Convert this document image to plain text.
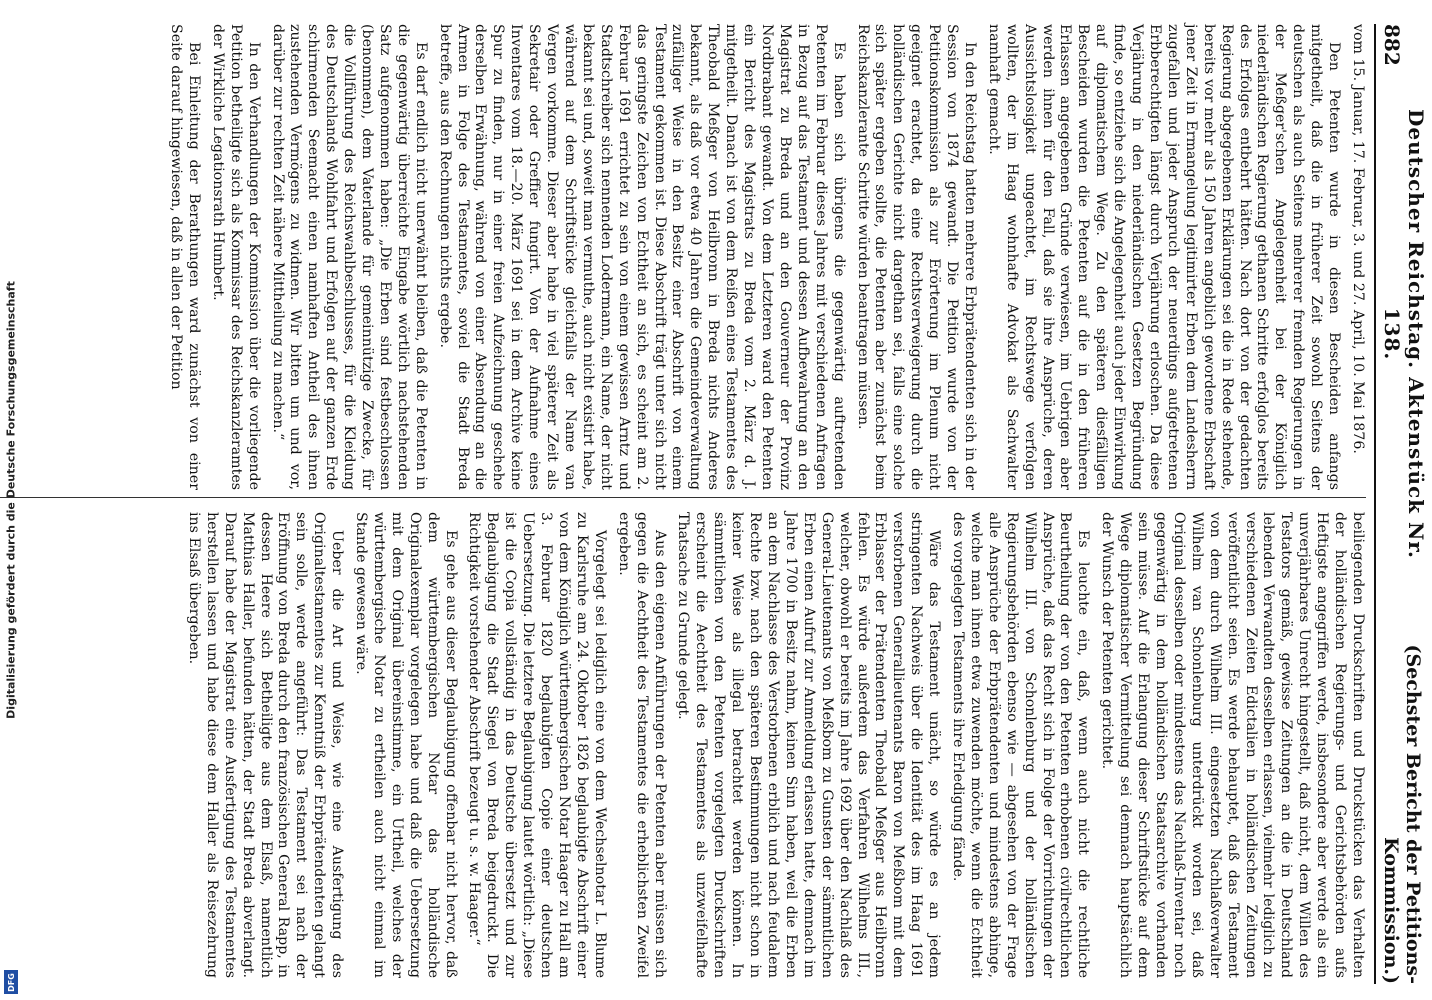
882
Deutscher Reichstag. Aktenstück Nr. 138.
(Sechster Bericht der Petitions-Kommission.)

vom 15. Januar, 17. Februar, 3. und 27. April, 10. Mai 1876.

Den Petenten wurde in diesen Bescheiden anfangs mitgetheilt, daß die in früherer Zeit sowohl Seitens der deutschen als auch Seitens mehrerer fremden Regierungen in der Meßger'schen Angelegenheit bei der Königlich niederländischen Regierung gethanen Schritte erfolglos bereits des Erfolges entbehrt hätten. Nach dort von der gedachten Regierung abgegebenen Erklärungen sei die in Rede stehende, bereits vor mehr als 150 Jahren angeblich gewordene Erbschaft jener Zeit in Ermangelung legitimirter Erben dem Landesherrn zugefallen und jeder Anspruch der neuerdings aufgetretenen Erbberechtigten längst durch Verjährung erloschen. Da diese Verjährung in den niederländischen Gesetzen Begründung finde, so entziehe sich die Angelegenheit auch jeder Einwirkung auf diplomatischem Wege. Zu den späteren diesfälligen Bescheiden wurden die Petenten auf die in den früheren Erlassen angegebenen Gründe verwiesen, im Uebrigen aber werden ihnen für den Fall, daß sie ihre Ansprüche, deren Aussichtslosigkeit ungeachtet, im Rechtswege verfolgen wollten, der im Haag wohnhafte Advokat als Sachwalter namhaft gemacht.

In den Reichstag hatten mehrere Erbprätendenten sich in der Session von 1874 gewandt. Die Petition wurde von der Petitionskommission als zur Erörterung im Plenum nicht geeignet erachtet, da eine Rechtsverweigerung durch die holländischen Gerichte nicht dargethan sei, falls eine solche sich später ergeben sollte, die Petenten aber zunächst beim Reichskanzlerante Schritte würden beantragen müssen.

Es haben sich übrigens die gegenwärtig auftretenden Petenten im Februar dieses Jahres mit verschiedenen Anfragen in Bezug auf das Testament und dessen Aufbewahrung an den Magistrat zu Breda und an den Gouverneur der Provinz Nordbrabant gewandt. Von dem Letzteren ward den Petenten ein Bericht des Magistrats zu Breda vom 2. März d. J. mitgetheilt. Danach ist von dem Reißen eines Testamentes des Theobald Meßger von Heilbronn in Breda nichts Anderes bekannt, als daß vor etwa 40 Jahren die Gemeindeverwaltung zufälliger Weise in den Besitz einer Abschrift von einem Testament gekommen ist. Diese Abschrift trägt unter sich nicht das geringste Zeichen von Echtheit an sich, es scheint am 2. Februar 1691 errichtet zu sein von einem gewissen Arntz und Stadtschreiber sich nennenden Lodermann, ein Name, der nicht bekannt sei und, soweit man vermuthe, auch nicht existirt habe, während auf dem Schriftstücke gleichfalls der Name van Vergen vorkomme. Dieser aber habe in viel späterer Zeit als Sekretair oder Greffier fungirt. Von der Aufnahme eines Inventares vom 18.—20. März 1691 sei in dem Archive keine Spur zu finden, nur in einer freien Aufzeichnung geschehe derselben Erwähnung, während von einer Absendung an die Armen in Folge des Testamentes, soviel die Stadt Breda betreffe, aus den Rechnungen nichts ergebe.

Es darf endlich nicht unerwähnt bleiben, daß die Petenten in die gegenwärtig überreichte Eingabe wörtlich nachstehenden Satz aufgenommen haben: „Die Erben sind festbeschlossen (benommen), dem Vaterlande für gemeinnützige Zwecke, für die Vollführung des Reichswahlbeschlusses, für die Kleidung des Deutschlands Wohlfahrt und Erfolgen auf der ganzen Erde schirmenden Seemacht einen namhaften Antheil des ihnen zustehenden Vermögens zu widmen. Wir bitten um und vor, darüber zur rechten Zeit nähere Mittheilung zu machen.“

In den Verhandlungen der Kommission über die vorliegende Petition betheiligte sich als Kommissar des Reichskanzleramtes der Wirkliche Legationsrath Humbert.

Bei Einleitung der Berathungen ward zunächst von einer Seite darauf hingewiesen, daß in allen der Petition

beiliegenden Druckschriften und Druckstücken das Verhalten der holländischen Regierungs- und Gerichtsbehörden aufs Heftigste angegriffen werde, insbesondere aber werde als ein unverjährbares Unrecht hingestellt, daß nicht, dem Willen des Testators gemäß, gewisse Zeitungen an die in Deutschland lebenden Verwandten desselben erlassen, vielmehr lediglich zu verschiedenen Zeiten Edictalien in holländischen Zeitungen veröffentlicht seien. Es werde behauptet, daß das Testament von dem durch Wilhelm III. eingesetzten Nachlaßverwalter Wilhelm van Schonlenburg unterdrückt worden sei, daß Original desselben oder mindestens das Nachlaß-Inventar noch gegenwärtig in dem holländischen Staatsarchive vorhanden sein müsse. Auf die Erlangung dieser Schriftstücke auf dem Wege diplomatischer Vermittelung sei demnach hauptsächlich der Wunsch der Petenten gerichtet.

Es leuchte ein, daß, wenn auch nicht die rechtliche Beurtheilung der von den Petenten erhobenen civilrechtlichen Ansprüche, daß das Recht sich in Folge der Vorrichtungen der Wilhelm III. von Schonlenburg und der holländischen Regierungsbehörden ebenso wie — abgesehen von der Frage alle Ansprüche der Erbprätendenten und mindestens abhinge, welche man ihnen etwa zuwenden möchte, wenn die Echtheit des vorgelegten Testaments ihre Erledigung fände.

Wäre das Testament unächt, so würde es an jedem stringenten Nachweis über die Identität des im Haag 1691 verstorbenen Generallieutenants Baron von Meßbom mit dem Erblasser der Prätendenten Theobald Meßger aus Heilbronn fehlen. Es würde außerdem das Verfahren Wilhelms III., welcher, obwohl er bereits im Jahre 1692 über den Nachlaß des General-Lieutenants von Meßbom zu Gunsten der sämmtlichen Erben einen Aufruf zur Anmeldung erlassen hatte, demnach im Jahre 1700 in Besitz nahm, keinen Sinn haben, weil die Erben an dem Nachlasse des Verstorbenen erblich und nach feudalem Rechte bzw. nach den späteren Bestimmungen nicht schon in keiner Weise als illegal betrachtet werden können. In sämmtlichen von den Petenten vorgelegten Druckschriften erscheint die Aechtheit des Testamentes als unzweifelhafte Thatsache zu Grunde gelegt.

Aus den eigenen Anführungen der Petenten aber müssen sich gegen die Aechtheit des Testamentes die erheblichsten Zweifel ergeben.

Vorgelegt sei lediglich eine von dem Wechselnotar L. Blume zu Karlsruhe am 24. Oktober 1826 beglaubigte Abschrift einer von dem Königlich württembergischen Notar Haager zu Hall am 3. Februar 1820 beglaubigten Copie einer deutschen Uebersetzung. Die letztere Beglaubigung lautet wörtlich: „Diese ist die Copia vollständig in das Deutsche übersetzt und zur Beglaubigung die Stadt Siegel von Breda beigedruckt. Die Richtigkeit vorstehender Abschrift bezeugt u. s. w. Haager.“

Es gehe aus dieser Beglaubigung offenbar nicht hervor, daß dem württembergischen Notar das holländische Originalexemplar vorgelegen habe und daß die Uebersetzung mit dem Original übereinstimme, ein Urtheil, welches der württembergische Notar zu ertheilen auch nicht einmal im Stande gewesen wäre.

Ueber die Art und Weise, wie eine Ausfertigung des Originaltestamentes zur Kenntniß der Erbprätendenten gelangt sein solle, werde angeführt: Das Testament sei nach der Eröffnung von Breda durch den französischen General Rapp, in dessen Heere sich Betheiligte aus dem Elsaß, namentlich Matthias Haller, befunden hätten, der Stadt Breda abverlangt. Darauf habe der Magistrat eine Ausfertigung des Testamentes herstellen lassen und habe diese dem Haller als Reisezehrung ins Elsaß übergeben.

Digitalisierung gefördert durch die Deutsche Forschungsgemeinschaft
DFG
